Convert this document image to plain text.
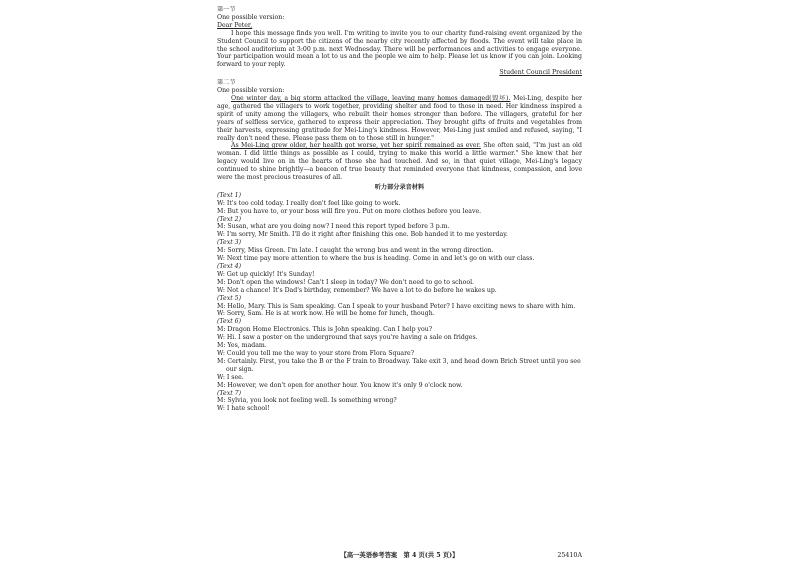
第一节
One possible version:
Dear Peter,
I hope this message finds you well. I'm writing to invite you to our charity fund-raising event organized by the Student Council to support the citizens of the nearby city recently affected by floods. The event will take place in the school auditorium at 3:00 p.m. next Wednesday. There will be performances and activities to engage everyone. Your participation would mean a lot to us and the people we aim to help. Please let us know if you can join. Looking forward to your reply.
Student Council President
第二节
One possible version:
One winter day, a big storm attacked the village, leaving many homes damaged(毁坏). Mei-Ling, despite her age, gathered the villagers to work together, providing shelter and food to those in need. Her kindness inspired a spirit of unity among the villagers, who rebuilt their homes stronger than before. The villagers, grateful for her years of selfless service, gathered to express their appreciation. They brought gifts of fruits and vegetables from their harvests, expressing gratitude for Mei-Ling's kindness. However, Mei-Ling just smiled and refused, saying, "I really don't need these. Please pass them on to those still in hunger."
As Mei-Ling grew older, her health got worse, yet her spirit remained as ever. She often said, "I'm just an old woman. I did little things as possible as I could, trying to make this world a little warmer." She knew that her legacy would live on in the hearts of those she had touched. And so, in that quiet village, Mei-Ling's legacy continued to shine brightly—a beacon of true beauty that reminded everyone that kindness, compassion, and love were the most precious treasures of all.
听力部分录音材料
(Text 1)
W: It's too cold today. I really don't feel like going to work.
M: But you have to, or your boss will fire you. Put on more clothes before you leave.
(Text 2)
M: Susan, what are you doing now? I need this report typed before 3 p.m.
W: I'm sorry, Mr Smith. I'll do it right after finishing this one. Bob handed it to me yesterday.
(Text 3)
M: Sorry, Miss Green. I'm late. I caught the wrong bus and went in the wrong direction.
W: Next time pay more attention to where the bus is heading. Come in and let's go on with our class.
(Text 4)
W: Get up quickly! It's Sunday!
M: Don't open the windows! Can't I sleep in today? We don't need to go to school.
W: Not a chance! It's Dad's birthday, remember? We have a lot to do before he wakes up.
(Text 5)
M: Hello, Mary. This is Sam speaking. Can I speak to your husband Peter? I have exciting news to share with him.
W: Sorry, Sam. He is at work now. He will be home for lunch, though.
(Text 6)
M: Dragon Home Electronics. This is John speaking. Can I help you?
W: Hi. I saw a poster on the underground that says you're having a sale on fridges.
M: Yes, madam.
W: Could you tell me the way to your store from Flora Square?
M: Certainly. First, you take the B or the F train to Broadway. Take exit 3, and head down Brich Street until you see our sign.
W: I see.
M: However, we don't open for another hour. You know it's only 9 o'clock now.
(Text 7)
M: Sylvia, you look not feeling well. Is something wrong?
W: I hate school!
【高一英语参考答案　第 4 页(共 5 页)】	25410A
